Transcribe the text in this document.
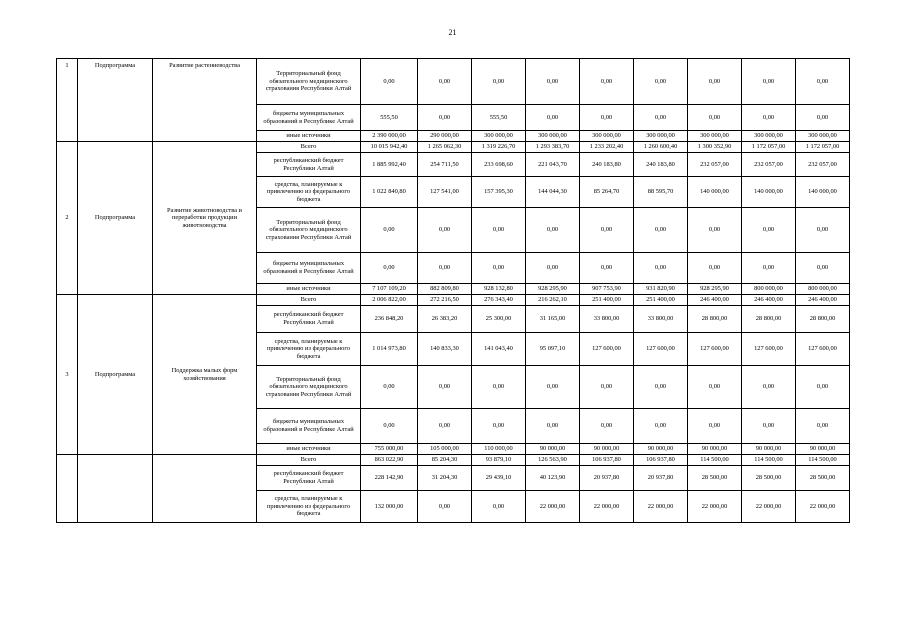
21
1	Подпрограмма	Развитие растениеводства	Территориальный фонд обязательного медицинского страхования Республики Алтай	0,00	0,00	0,00	0,00	0,00	0,00	0,00	0,00	0,00
			бюджеты муниципальных образований в Республике Алтай	555,50	0,00	555,50	0,00	0,00	0,00	0,00	0,00	0,00
			иные источники	2 390 000,00	290 000,00	300 000,00	300 000,00	300 000,00	300 000,00	300 000,00	300 000,00	300 000,00
2	Подпрограмма	Развитие животноводства и переработки продукции животноводства	Всего	10 015 942,40	1 265 062,30	1 319 226,70	1 293 383,70	1 233 202,40	1 260 600,40	1 300 352,90	1 172 057,00	1 172 057,00
			республиканский бюджет Республики Алтай	1 885 992,40	254 711,50	233 698,60	221 043,70	240 183,80	240 183,80	232 057,00	232 057,00	232 057,00
			средства, планируемые к привлечению из федерального бюджета	1 022 840,80	127 541,00	157 395,30	144 044,30	85 264,70	88 595,70	140 000,00	140 000,00	140 000,00
			Территориальный фонд обязательного медицинского страхования Республики Алтай	0,00	0,00	0,00	0,00	0,00	0,00	0,00	0,00	0,00
			бюджеты муниципальных образований в Республике Алтай	0,00	0,00	0,00	0,00	0,00	0,00	0,00	0,00	0,00
			иные источники	7 107 109,20	882 809,80	928 132,80	928 295,90	907 753,90	931 820,90	928 295,90	800 000,00	800 000,00
3	Подпрограмма	Поддержка малых форм хозяйствования	Всего	2 006 822,00	272 216,50	276 343,40	216 262,10	251 400,00	251 400,00	246 400,00	246 400,00	246 400,00
			республиканский бюджет Республики Алтай	236 848,20	26 383,20	25 300,00	31 165,00	33 800,00	33 800,00	28 800,00	28 800,00	28 800,00
			средства, планируемые к привлечению из федерального бюджета	1 014 973,80	140 833,30	141 043,40	95 097,10	127 600,00	127 600,00	127 600,00	127 600,00	127 600,00
			Территориальный фонд обязательного медицинского страхования Республики Алтай	0,00	0,00	0,00	0,00	0,00	0,00	0,00	0,00	0,00
			бюджеты муниципальных образований в Республике Алтай	0,00	0,00	0,00	0,00	0,00	0,00	0,00	0,00	0,00
			иные источники	755 000,00	105 000,00	110 000,00	90 000,00	90 000,00	90 000,00	90 000,00	90 000,00	90 000,00
			Всего	863 022,90	85 204,30	93 879,10	126 563,90	106 937,80	106 937,80	114 500,00	114 500,00	114 500,00
			республиканский бюджет Республики Алтай	228 142,90	31 204,30	29 439,10	40 123,90	20 937,80	20 937,80	28 500,00	28 500,00	28 500,00
			средства, планируемые к привлечению из федерального бюджета	132 000,00	0,00	0,00	22 000,00	22 000,00	22 000,00	22 000,00	22 000,00	22 000,00
